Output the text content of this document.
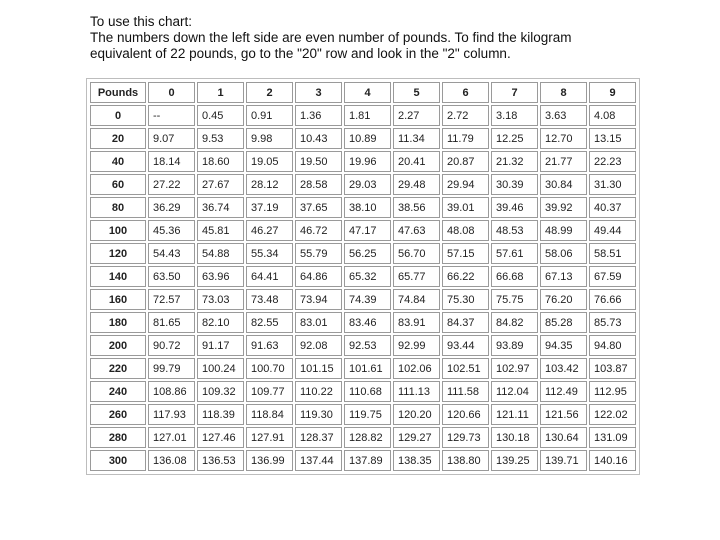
To use this chart:

The numbers down the left side are even number of pounds. To find the kilogram

equivalent of 22 pounds, go to the "20" row and look in the "2" column.

Pounds	0	1	2	3	4	5	6	7	8	9
0	--	0.45	0.91	1.36	1.81	2.27	2.72	3.18	3.63	4.08
20	9.07	9.53	9.98	10.43	10.89	11.34	11.79	12.25	12.70	13.15
40	18.14	18.60	19.05	19.50	19.96	20.41	20.87	21.32	21.77	22.23
60	27.22	27.67	28.12	28.58	29.03	29.48	29.94	30.39	30.84	31.30
80	36.29	36.74	37.19	37.65	38.10	38.56	39.01	39.46	39.92	40.37
100	45.36	45.81	46.27	46.72	47.17	47.63	48.08	48.53	48.99	49.44
120	54.43	54.88	55.34	55.79	56.25	56.70	57.15	57.61	58.06	58.51
140	63.50	63.96	64.41	64.86	65.32	65.77	66.22	66.68	67.13	67.59
160	72.57	73.03	73.48	73.94	74.39	74.84	75.30	75.75	76.20	76.66
180	81.65	82.10	82.55	83.01	83.46	83.91	84.37	84.82	85.28	85.73
200	90.72	91.17	91.63	92.08	92.53	92.99	93.44	93.89	94.35	94.80
220	99.79	100.24	100.70	101.15	101.61	102.06	102.51	102.97	103.42	103.87
240	108.86	109.32	109.77	110.22	110.68	111.13	111.58	112.04	112.49	112.95
260	117.93	118.39	118.84	119.30	119.75	120.20	120.66	121.11	121.56	122.02
280	127.01	127.46	127.91	128.37	128.82	129.27	129.73	130.18	130.64	131.09
300	136.08	136.53	136.99	137.44	137.89	138.35	138.80	139.25	139.71	140.16
